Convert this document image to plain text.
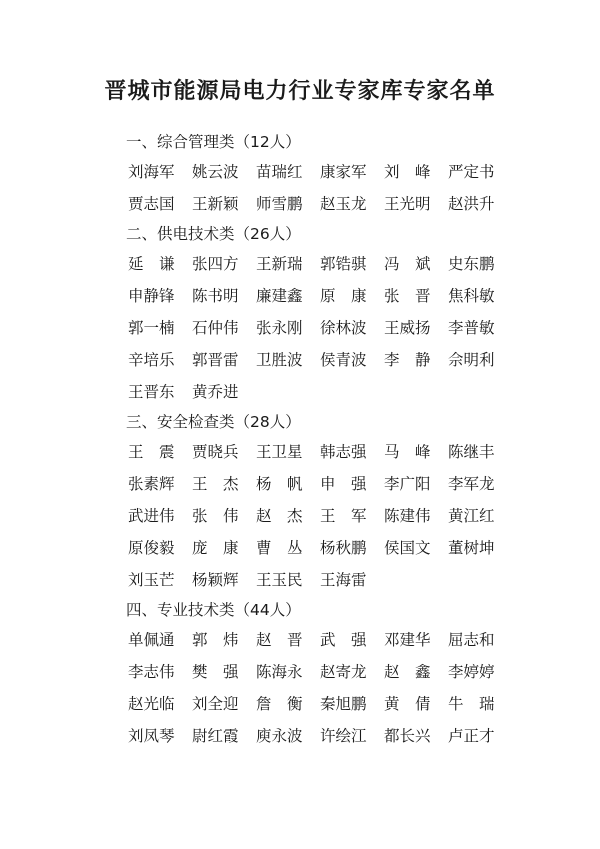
晋城市能源局电力行业专家库专家名单
一、综合管理类（12人）
刘海军	姚云波	苗瑞红	康家军	刘　峰	严定书
贾志国	王新颖	师雪鹏	赵玉龙	王光明	赵洪升
二、供电技术类（26人）
延　谦	张四方	王新瑞	郭锆骐	冯　斌	史东鹏
申静锋	陈书明	廉建鑫	原　康	张　晋	焦科敏
郭一楠	石仲伟	张永刚	徐林波	王威扬	李普敏
辛培乐	郭晋雷	卫胜波	侯青波	李　静	佘明利
王晋东	黄乔进
三、安全检查类（28人）
王　震	贾晓兵	王卫星	韩志强	马　峰	陈继丰
张素辉	王　杰	杨　帆	申　强	李广阳	李军龙
武进伟	张　伟	赵　杰	王　军	陈建伟	黄江红
原俊毅	庞　康	曹　丛	杨秋鹏	侯国文	董树坤
刘玉芒	杨颖辉	王玉民	王海雷
四、专业技术类（44人）
单佩通	郭　炜	赵　晋	武　强	邓建华	屈志和
李志伟	樊　强	陈海永	赵寄龙	赵　鑫	李婷婷
赵光临	刘全迎	詹　衡	秦旭鹏	黄　倩	牛　瑞
刘凤琴	尉红霞	庾永波	许绘江	都长兴	卢正才
